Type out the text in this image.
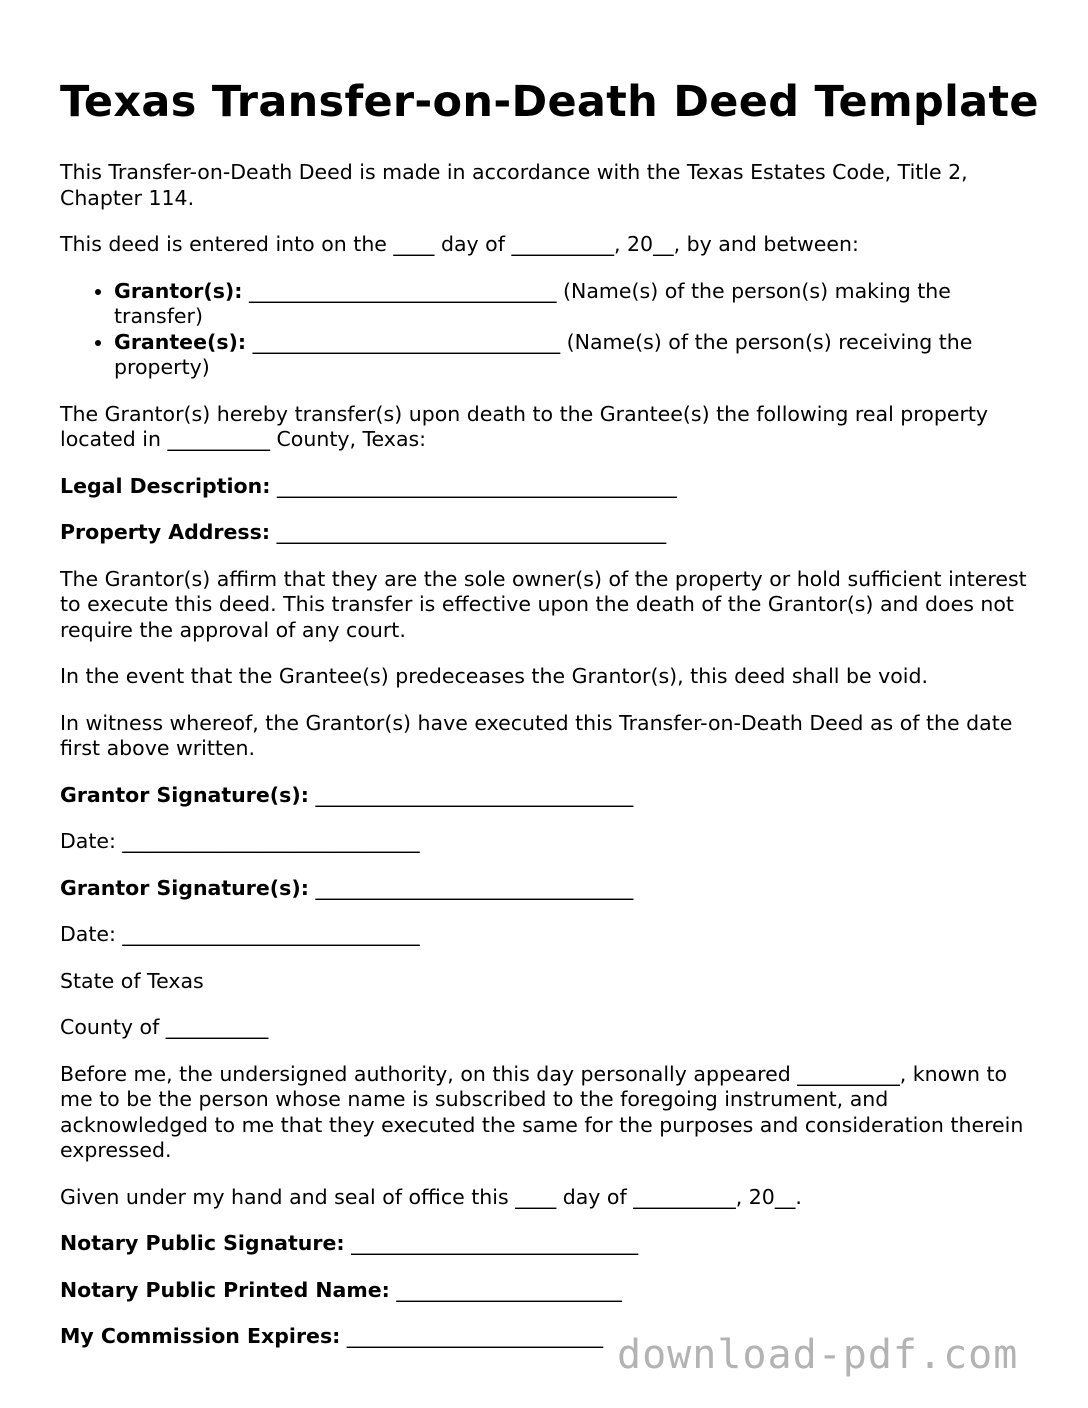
Texas Transfer-on-Death Deed Template

This Transfer-on-Death Deed is made in accordance with the Texas Estates Code, Title 2, Chapter 114.

This deed is entered into on the ____ day of __________, 20__, by and between:

• Grantor(s): ______________________________ (Name(s) of the person(s) making the transfer)
• Grantee(s): ______________________________ (Name(s) of the person(s) receiving the property)

The Grantor(s) hereby transfer(s) upon death to the Grantee(s) the following real property located in __________ County, Texas:

Legal Description: _______________________________________

Property Address: ______________________________________

The Grantor(s) affirm that they are the sole owner(s) of the property or hold sufficient interest to execute this deed. This transfer is effective upon the death of the Grantor(s) and does not require the approval of any court.

In the event that the Grantee(s) predeceases the Grantor(s), this deed shall be void.

In witness whereof, the Grantor(s) have executed this Transfer-on-Death Deed as of the date first above written.

Grantor Signature(s): _______________________________

Date: _____________________________

Grantor Signature(s): _______________________________

Date: _____________________________

State of Texas

County of __________

Before me, the undersigned authority, on this day personally appeared __________, known to me to be the person whose name is subscribed to the foregoing instrument, and acknowledged to me that they executed the same for the purposes and consideration therein expressed.

Given under my hand and seal of office this ____ day of __________, 20__.

Notary Public Signature: ____________________________

Notary Public Printed Name: ______________________

My Commission Expires: _________________________ download-pdf.com
